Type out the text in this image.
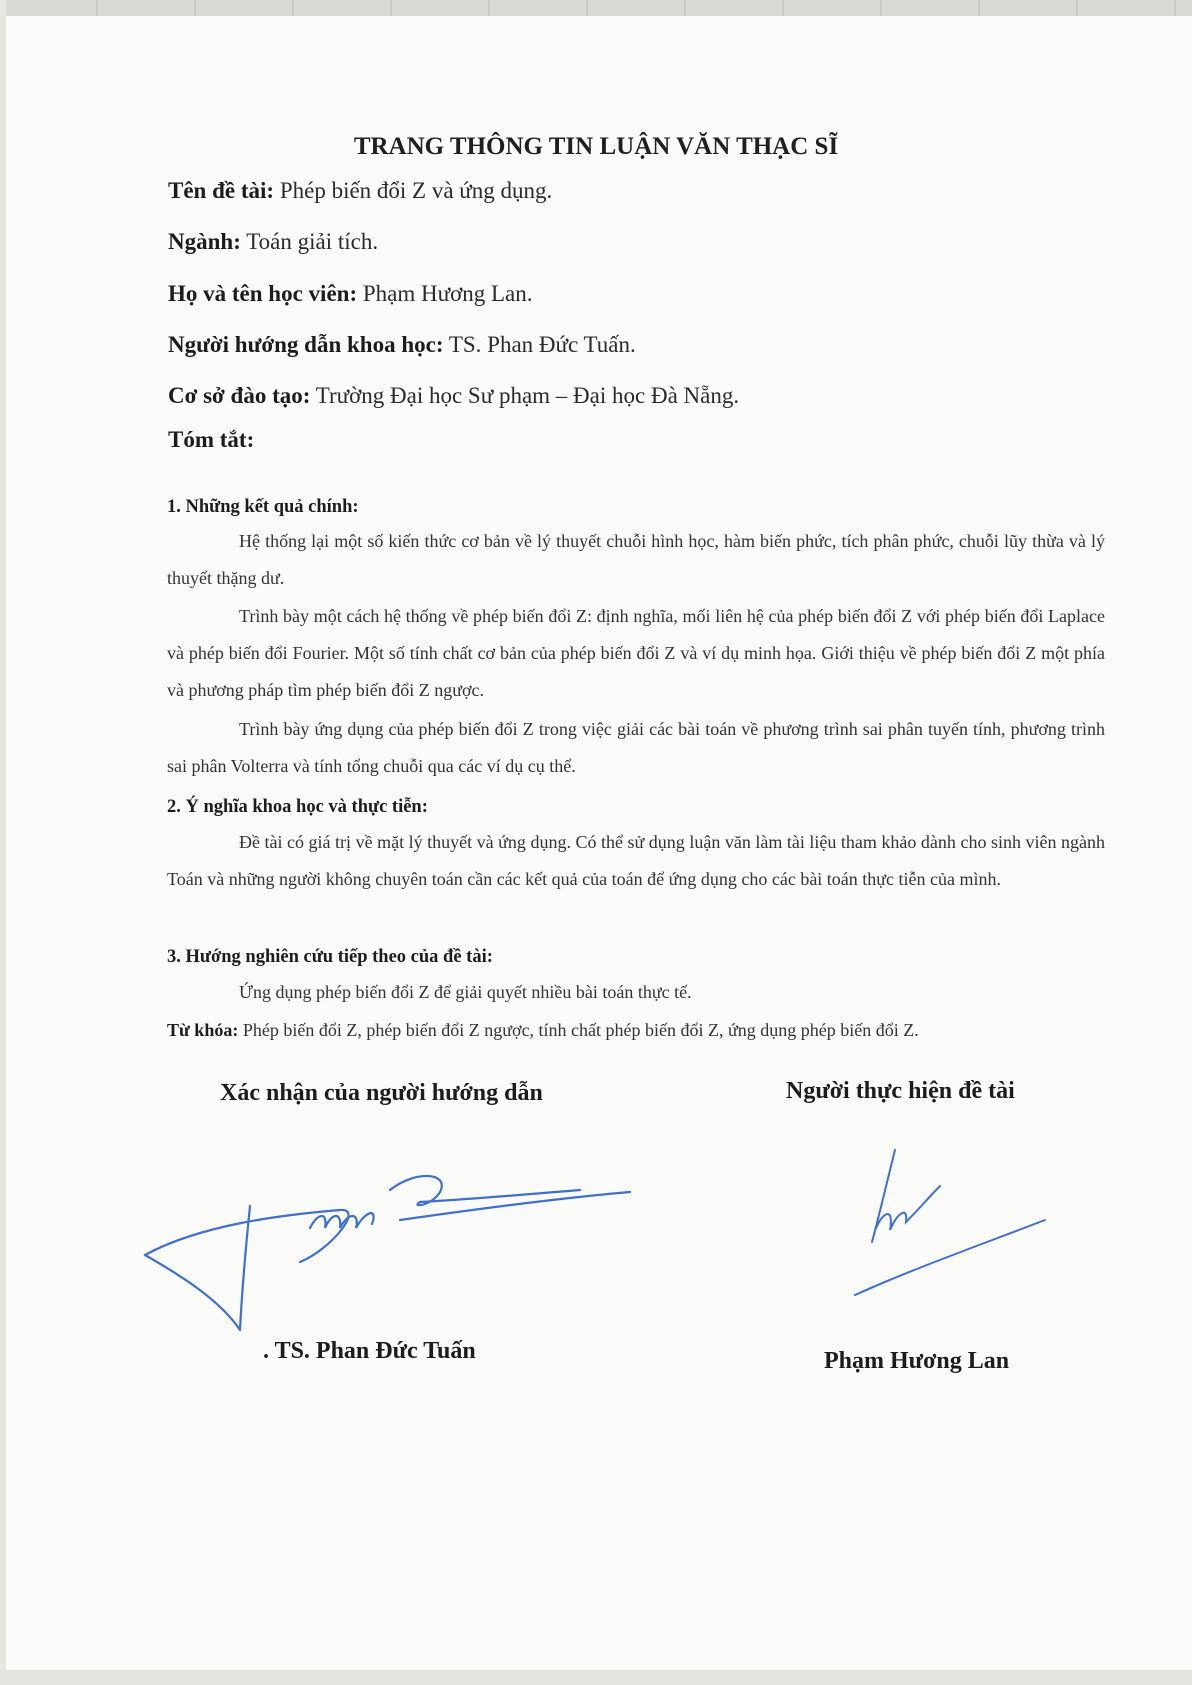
TRANG THÔNG TIN LUẬN VĂN THẠC SĨ
Tên đề tài: Phép biến đổi Z và ứng dụng.
Ngành: Toán giải tích.
Họ và tên học viên: Phạm Hương Lan.
Người hướng dẫn khoa học: TS. Phan Đức Tuấn.
Cơ sở đào tạo: Trường Đại học Sư phạm – Đại học Đà Nẵng.
Tóm tắt:
1. Những kết quả chính:
Hệ thống lại một số kiến thức cơ bản về lý thuyết chuỗi hình học, hàm biến phức, tích phân phức, chuỗi lũy thừa và lý thuyết thặng dư.
Trình bày một cách hệ thống về phép biến đổi Z: định nghĩa, mối liên hệ của phép biến đổi Z với phép biến đổi Laplace và phép biến đổi Fourier. Một số tính chất cơ bản của phép biến đổi Z và ví dụ minh họa. Giới thiệu về phép biến đổi Z một phía và phương pháp tìm phép biến đổi Z ngược.
Trình bày ứng dụng của phép biến đổi Z trong việc giải các bài toán về phương trình sai phân tuyến tính, phương trình sai phân Volterra và tính tổng chuỗi qua các ví dụ cụ thể.
2. Ý nghĩa khoa học và thực tiễn:
Đề tài có giá trị về mặt lý thuyết và ứng dụng. Có thể sử dụng luận văn làm tài liệu tham khảo dành cho sinh viên ngành Toán và những người không chuyên toán cần các kết quả của toán để ứng dụng cho các bài toán thực tiễn của mình.
3. Hướng nghiên cứu tiếp theo của đề tài:
Ứng dụng phép biến đổi Z để giải quyết nhiều bài toán thực tế.
Từ khóa: Phép biến đổi Z, phép biến đổi Z ngược, tính chất phép biến đổi Z, ứng dụng phép biến đổi Z.
Xác nhận của người hướng dẫn	Người thực hiện đề tài
. TS. Phan Đức Tuấn	Phạm Hương Lan
